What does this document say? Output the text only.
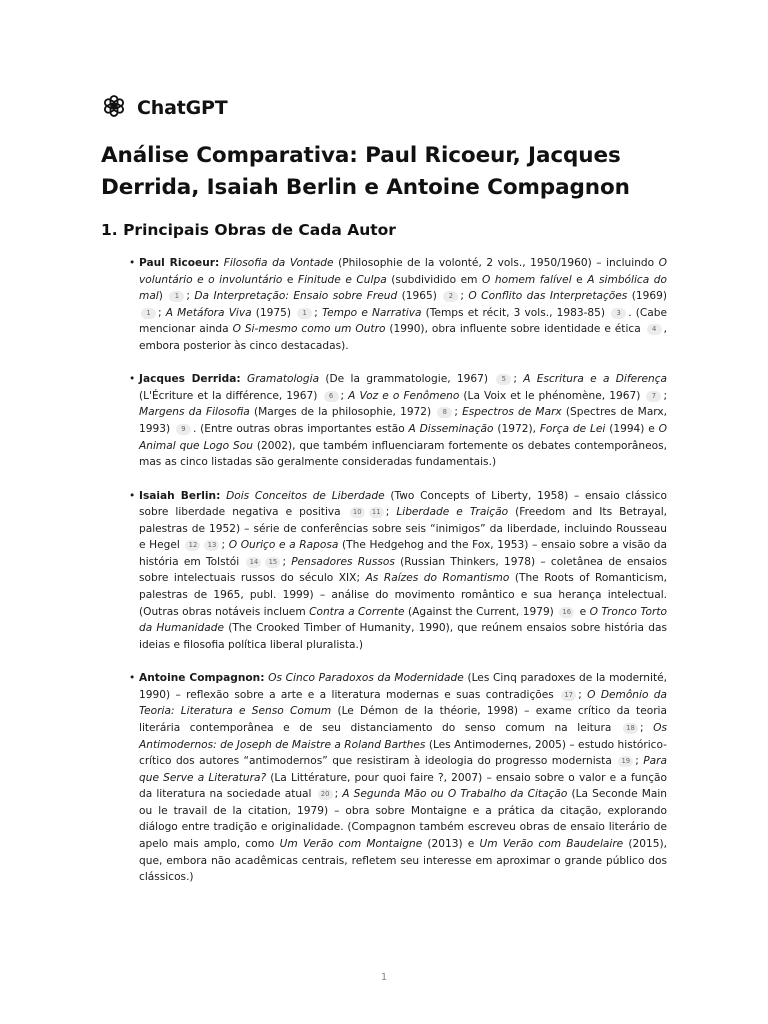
ChatGPT
Análise Comparativa: Paul Ricoeur, Jacques Derrida, Isaiah Berlin e Antoine Compagnon
1. Principais Obras de Cada Autor
• Paul Ricoeur: Filosofia da Vontade (Philosophie de la volonté, 2 vols., 1950/1960) – incluindo O voluntário e o involuntário e Finitude e Culpa (subdividido em O homem falível e A simbólica do mal) 1 ; Da Interpretação: Ensaio sobre Freud (1965) 2 ; O Conflito das Interpretações (1969) 1 ; A Metáfora Viva (1975) 1 ; Tempo e Narrativa (Temps et récit, 3 vols., 1983-85) 3 . (Cabe mencionar ainda O Si-mesmo como um Outro (1990), obra influente sobre identidade e ética 4 , embora posterior às cinco destacadas).
• Jacques Derrida: Gramatologia (De la grammatologie, 1967) 5 ; A Escritura e a Diferença (L'Écriture et la différence, 1967) 6 ; A Voz e o Fenômeno (La Voix et le phénomène, 1967) 7 ; Margens da Filosofia (Marges de la philosophie, 1972) 8 ; Espectros de Marx (Spectres de Marx, 1993) 9 . (Entre outras obras importantes estão A Disseminação (1972), Força de Lei (1994) e O Animal que Logo Sou (2002), que também influenciaram fortemente os debates contemporâneos, mas as cinco listadas são geralmente consideradas fundamentais.)
• Isaiah Berlin: Dois Conceitos de Liberdade (Two Concepts of Liberty, 1958) – ensaio clássico sobre liberdade negativa e positiva 10 11 ; Liberdade e Traição (Freedom and Its Betrayal, palestras de 1952) – série de conferências sobre seis “inimigos” da liberdade, incluindo Rousseau e Hegel 12 13 ; O Ouriço e a Raposa (The Hedgehog and the Fox, 1953) – ensaio sobre a visão da história em Tolstói 14 15 ; Pensadores Russos (Russian Thinkers, 1978) – coletânea de ensaios sobre intelectuais russos do século XIX; As Raízes do Romantismo (The Roots of Romanticism, palestras de 1965, publ. 1999) – análise do movimento romântico e sua herança intelectual. (Outras obras notáveis incluem Contra a Corrente (Against the Current, 1979) 16 e O Tronco Torto da Humanidade (The Crooked Timber of Humanity, 1990), que reúnem ensaios sobre história das ideias e filosofia política liberal pluralista.)
• Antoine Compagnon: Os Cinco Paradoxos da Modernidade (Les Cinq paradoxes de la modernité, 1990) – reflexão sobre a arte e a literatura modernas e suas contradições 17 ; O Demônio da Teoria: Literatura e Senso Comum (Le Démon de la théorie, 1998) – exame crítico da teoria literária contemporânea e de seu distanciamento do senso comum na leitura 18 ; Os Antimodernos: de Joseph de Maistre a Roland Barthes (Les Antimodernes, 2005) – estudo histórico-crítico dos autores “antimodernos” que resistiram à ideologia do progresso modernista 19 ; Para que Serve a Literatura? (La Littérature, pour quoi faire ?, 2007) – ensaio sobre o valor e a função da literatura na sociedade atual 20 ; A Segunda Mão ou O Trabalho da Citação (La Seconde Main ou le travail de la citation, 1979) – obra sobre Montaigne e a prática da citação, explorando diálogo entre tradição e originalidade. (Compagnon também escreveu obras de ensaio literário de apelo mais amplo, como Um Verão com Montaigne (2013) e Um Verão com Baudelaire (2015), que, embora não acadêmicas centrais, refletem seu interesse em aproximar o grande público dos clássicos.)
1
